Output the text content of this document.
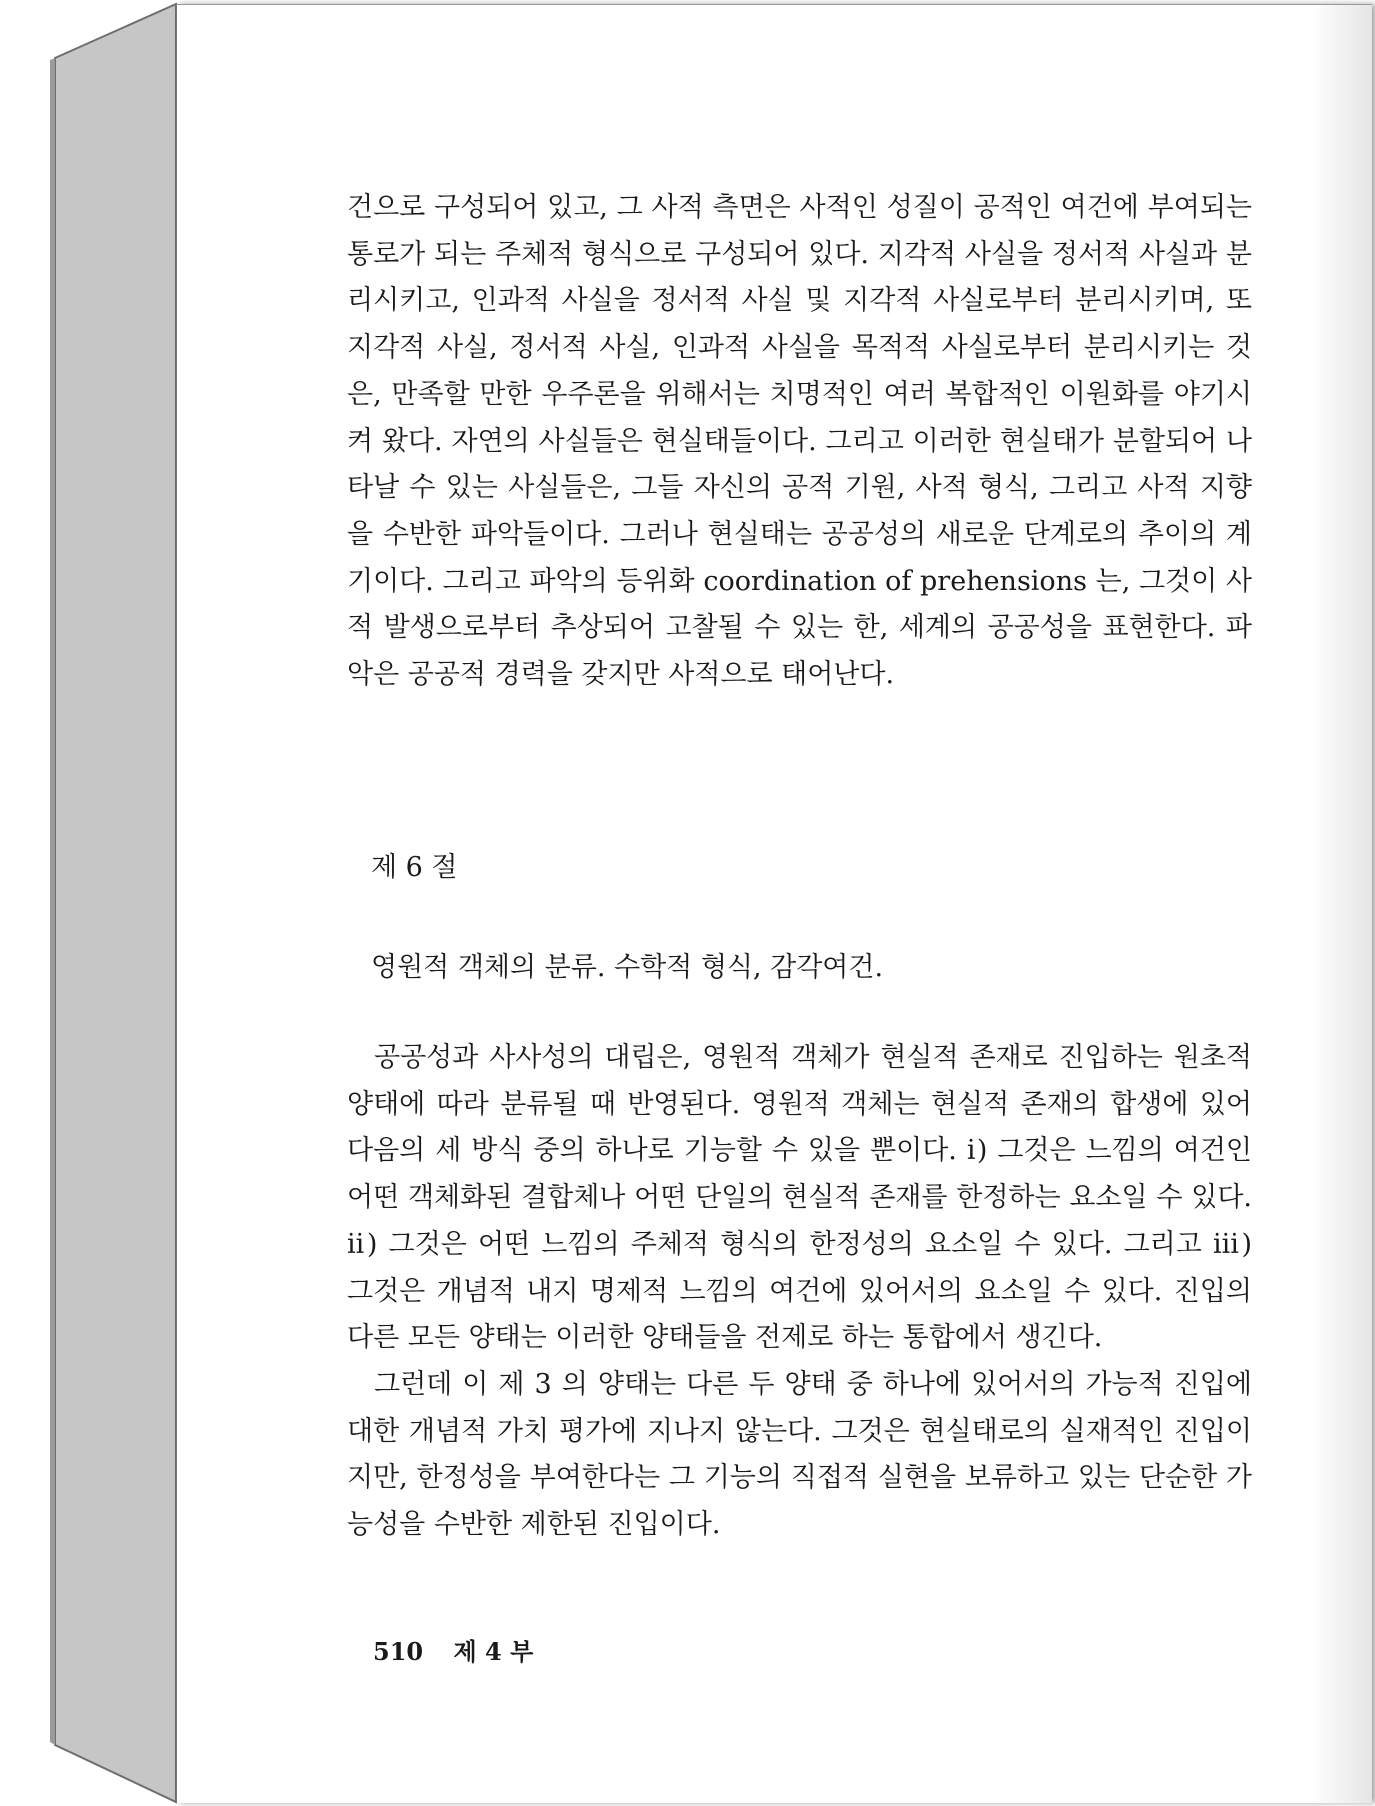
건으로 구성되어 있고, 그 사적 측면은 사적인 성질이 공적인 여건에 부여되는 통로가 되는 주체적 형식으로 구성되어 있다. 지각적 사실을 정서적 사실과 분리시키고, 인과적 사실을 정서적 사실 및 지각적 사실로부터 분리시키며, 또 지각적 사실, 정서적 사실, 인과적 사실을 목적적 사실로부터 분리시키는 것은, 만족할 만한 우주론을 위해서는 치명적인 여러 복합적인 이원화를 야기시켜 왔다. 자연의 사실들은 현실태들이다. 그리고 이러한 현실태가 분할되어 나타날 수 있는 사실들은, 그들 자신의 공적 기원, 사적 형식, 그리고 사적 지향을 수반한 파악들이다. 그러나 현실태는 공공성의 새로운 단계로의 추이의 계기이다. 그리고 파악의 등위화 coordination of prehensions 는, 그것이 사적 발생으로부터 추상되어 고찰될 수 있는 한, 세계의 공공성을 표현한다. 파악은 공공적 경력을 갖지만 사적으로 태어난다.

제 6 절
영원적 객체의 분류. 수학적 형식, 감각여건.

공공성과 사사성의 대립은, 영원적 객체가 현실적 존재로 진입하는 원초적 양태에 따라 분류될 때 반영된다. 영원적 객체는 현실적 존재의 합생에 있어 다음의 세 방식 중의 하나로 기능할 수 있을 뿐이다. ⅰ) 그것은 느낌의 여건인 어떤 객체화된 결합체나 어떤 단일의 현실적 존재를 한정하는 요소일 수 있다. ⅱ) 그것은 어떤 느낌의 주체적 형식의 한정성의 요소일 수 있다. 그리고 ⅲ) 그것은 개념적 내지 명제적 느낌의 여건에 있어서의 요소일 수 있다. 진입의 다른 모든 양태는 이러한 양태들을 전제로 하는 통합에서 생긴다.

그런데 이 제 3 의 양태는 다른 두 양태 중 하나에 있어서의 가능적 진입에 대한 개념적 가치 평가에 지나지 않는다. 그것은 현실태로의 실재적인 진입이지만, 한정성을 부여한다는 그 기능의 직접적 실현을 보류하고 있는 단순한 가능성을 수반한 제한된 진입이다.

510 제 4 부
